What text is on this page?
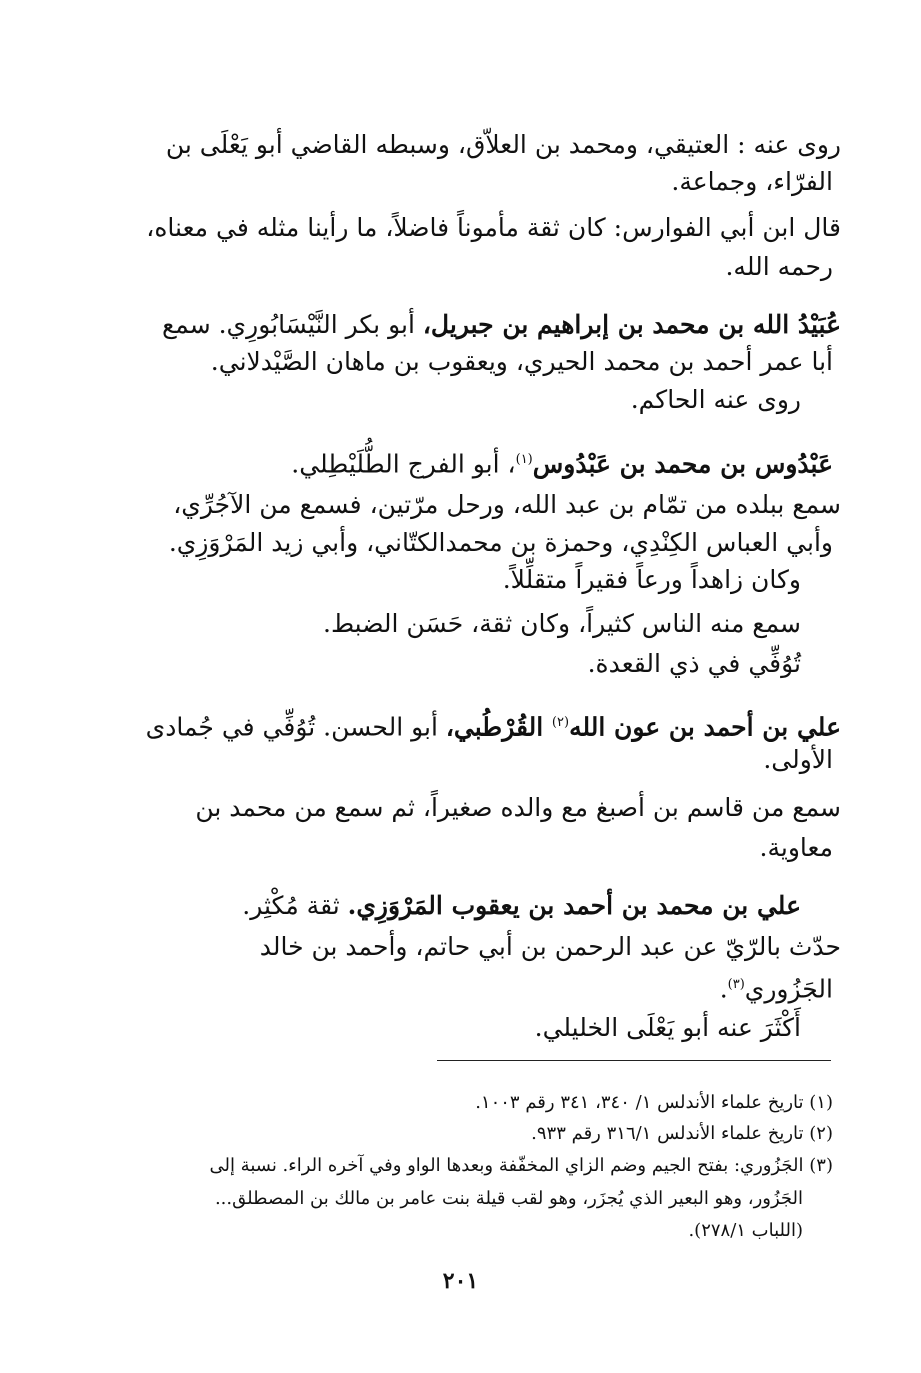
روى عنه : العتيقي، ومحمد بن العلاّق، وسبطه القاضي أبو يَعْلَى بن
الفرّاء، وجماعة.
قال ابن أبي الفوارس: كان ثقة مأموناً فاضلاً، ما رأينا مثله في معناه،
رحمه الله.
عُبَيْدُ الله بن محمد بن إبراهيم بن جبريل، أبو بكر النَّيْسَابُورِي. سمع
أبا عمر أحمد بن محمد الحيري، ويعقوب بن ماهان الصَّيْدلاني.
روى عنه الحاكم.
عَبْدُوس بن محمد بن عَبْدُوس$^{(١)}$، أبو الفرج الطُّلَيْطِلي.
سمع ببلده من تمّام بن عبد الله، ورحل مرّتين، فسمع من الآجُرِّي،
وأبي العباس الكِنْدِي، وحمزة بن محمدالكتّاني، وأبي زيد المَرْوَزِي.
وكان زاهداً ورعاً فقيراً متقلِّلاً.
سمع منه الناس كثيراً، وكان ثقة، حَسَن الضبط.
تُوُفِّي في ذي القعدة.
علي بن أحمد بن عون الله$^{(٢)}$ القُرْطُبي، أبو الحسن. تُوُفِّي في جُمادى
الأولى.
سمع من قاسم بن أصبغ مع والده صغيراً، ثم سمع من محمد بن
معاوية.
علي بن محمد بن أحمد بن يعقوب المَرْوَزِي. ثقة مُكْثِر.
حدّث بالرّيّ عن عبد الرحمن بن أبي حاتم، وأحمد بن خالد
الجَزُوري$^{(٣)}$.
أَكْثَرَ عنه أبو يَعْلَى الخليلي.
(١) تاريخ علماء الأندلس ١/ ٣٤٠، ٣٤١ رقم ١٠٠٣.
(٢) تاريخ علماء الأندلس ٣١٦/١ رقم ٩٣٣.
(٣) الجَزُوري: بفتح الجيم وضم الزاي المخفّفة وبعدها الواو وفي آخره الراء. نسبة إلى
الجَزُور، وهو البعير الذي يُجزَر، وهو لقب قيلة بنت عامر بن مالك بن المصطلق...
(اللباب ٢٧٨/١).
٢٠١
